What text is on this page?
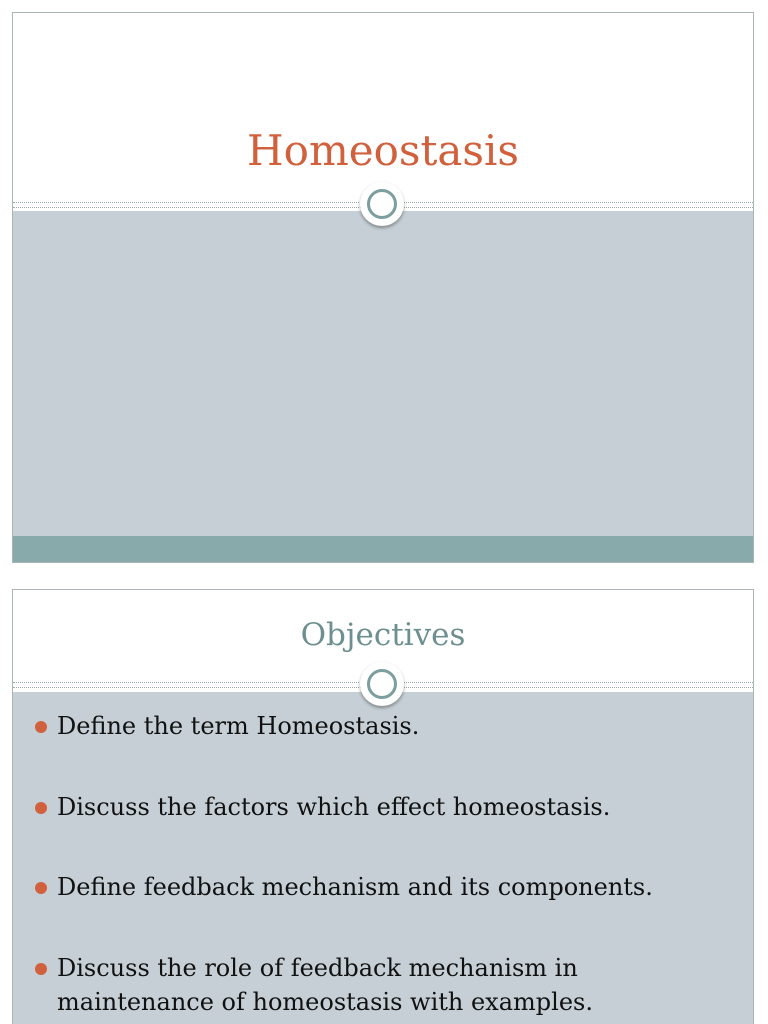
Homeostasis
Objectives
Define the term Homeostasis.
Discuss the factors which effect homeostasis.
Define feedback mechanism and its components.
Discuss the role of feedback mechanism in maintenance of homeostasis with examples.
